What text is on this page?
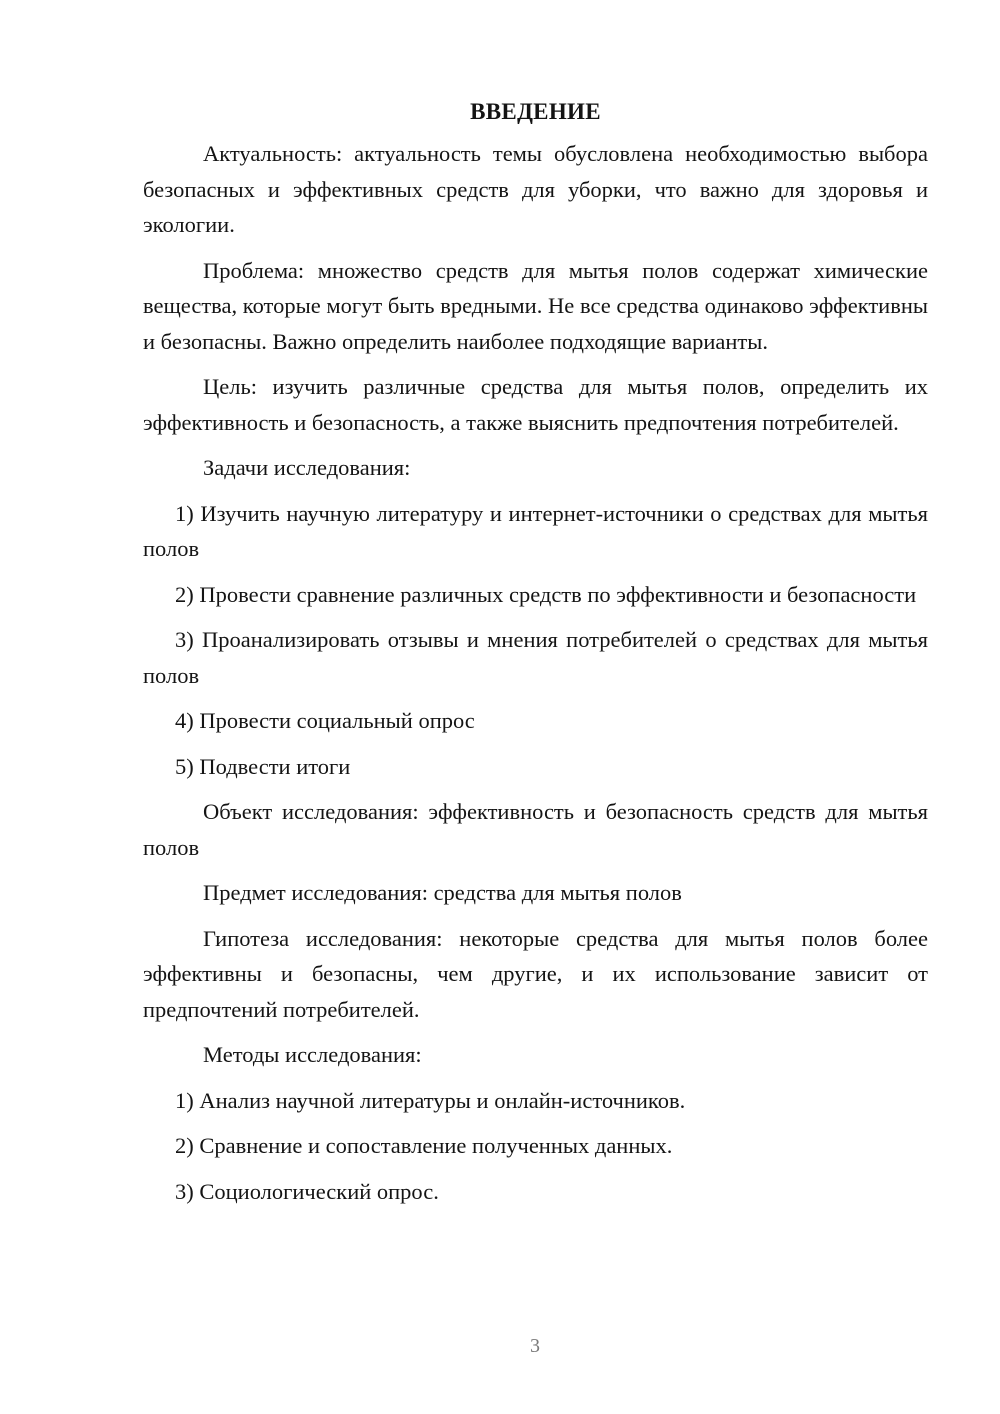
ВВЕДЕНИЕ
Актуальность: актуальность темы обусловлена необходимостью выбора безопасных и эффективных средств для уборки, что важно для здоровья и экологии.
Проблема: множество средств для мытья полов содержат химические вещества, которые могут быть вредными. Не все средства одинаково эффективны и безопасны. Важно определить наиболее подходящие варианты.
Цель: изучить различные средства для мытья полов, определить их эффективность и безопасность, а также выяснить предпочтения потребителей.
Задачи исследования:
1) Изучить научную литературу и интернет-источники о средствах для мытья полов
2) Провести сравнение различных средств по эффективности и безопасности
3) Проанализировать отзывы и мнения потребителей о средствах для мытья полов
4) Провести социальный опрос
5) Подвести итоги
Объект исследования: эффективность и безопасность средств для мытья полов
Предмет исследования: средства для мытья полов
Гипотеза исследования: некоторые средства для мытья полов более эффективны и безопасны, чем другие, и их использование зависит от предпочтений потребителей.
Методы исследования:
1) Анализ научной литературы и онлайн-источников.
2) Сравнение и сопоставление полученных данных.
3) Социологический опрос.
3
